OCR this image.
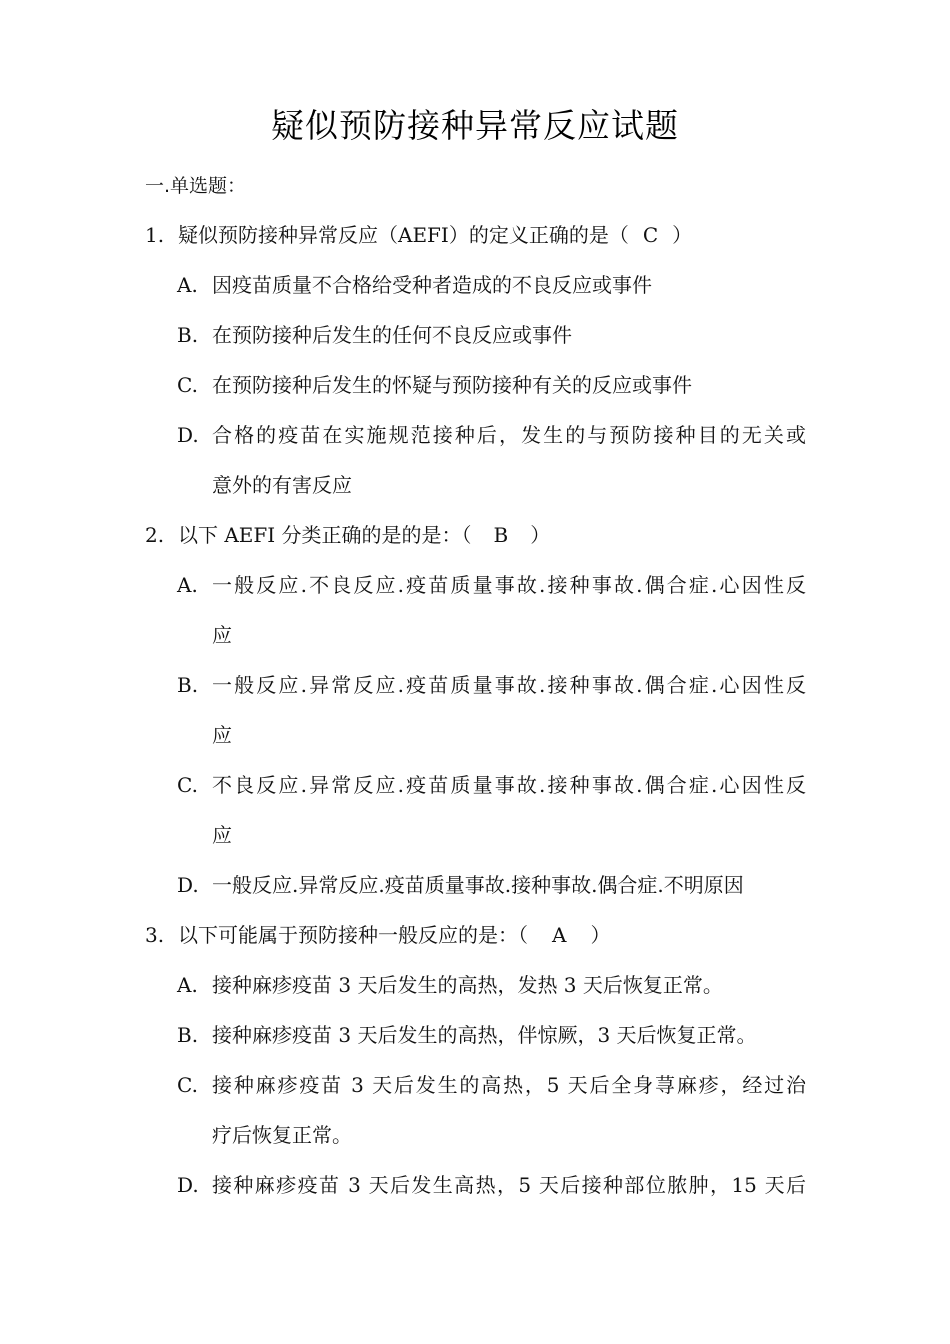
疑似预防接种异常反应试题
一.单选题：
1. 疑似预防接种异常反应（AEFI）的定义正确的是（ C ）
A. 因疫苗质量不合格给受种者造成的不良反应或事件
B. 在预防接种后发生的任何不良反应或事件
C. 在预防接种后发生的怀疑与预防接种有关的反应或事件
D. 合格的疫苗在实施规范接种后，发生的与预防接种目的无关或
意外的有害反应
2. 以下 AEFI 分类正确的是的是：（ B ）
A. 一般反应.不良反应.疫苗质量事故.接种事故.偶合症.心因性反
应
B. 一般反应.异常反应.疫苗质量事故.接种事故.偶合症.心因性反
应
C. 不良反应.异常反应.疫苗质量事故.接种事故.偶合症.心因性反
应
D. 一般反应.异常反应.疫苗质量事故.接种事故.偶合症.不明原因
3. 以下可能属于预防接种一般反应的是：（ A ）
A. 接种麻疹疫苗 3 天后发生的高热，发热 3 天后恢复正常。
B. 接种麻疹疫苗 3 天后发生的高热，伴惊厥，3 天后恢复正常。
C. 接种麻疹疫苗 3 天后发生的高热，5 天后全身荨麻疹，经过治
疗后恢复正常。
D. 接种麻疹疫苗 3 天后发生高热，5 天后接种部位脓肿，15 天后
